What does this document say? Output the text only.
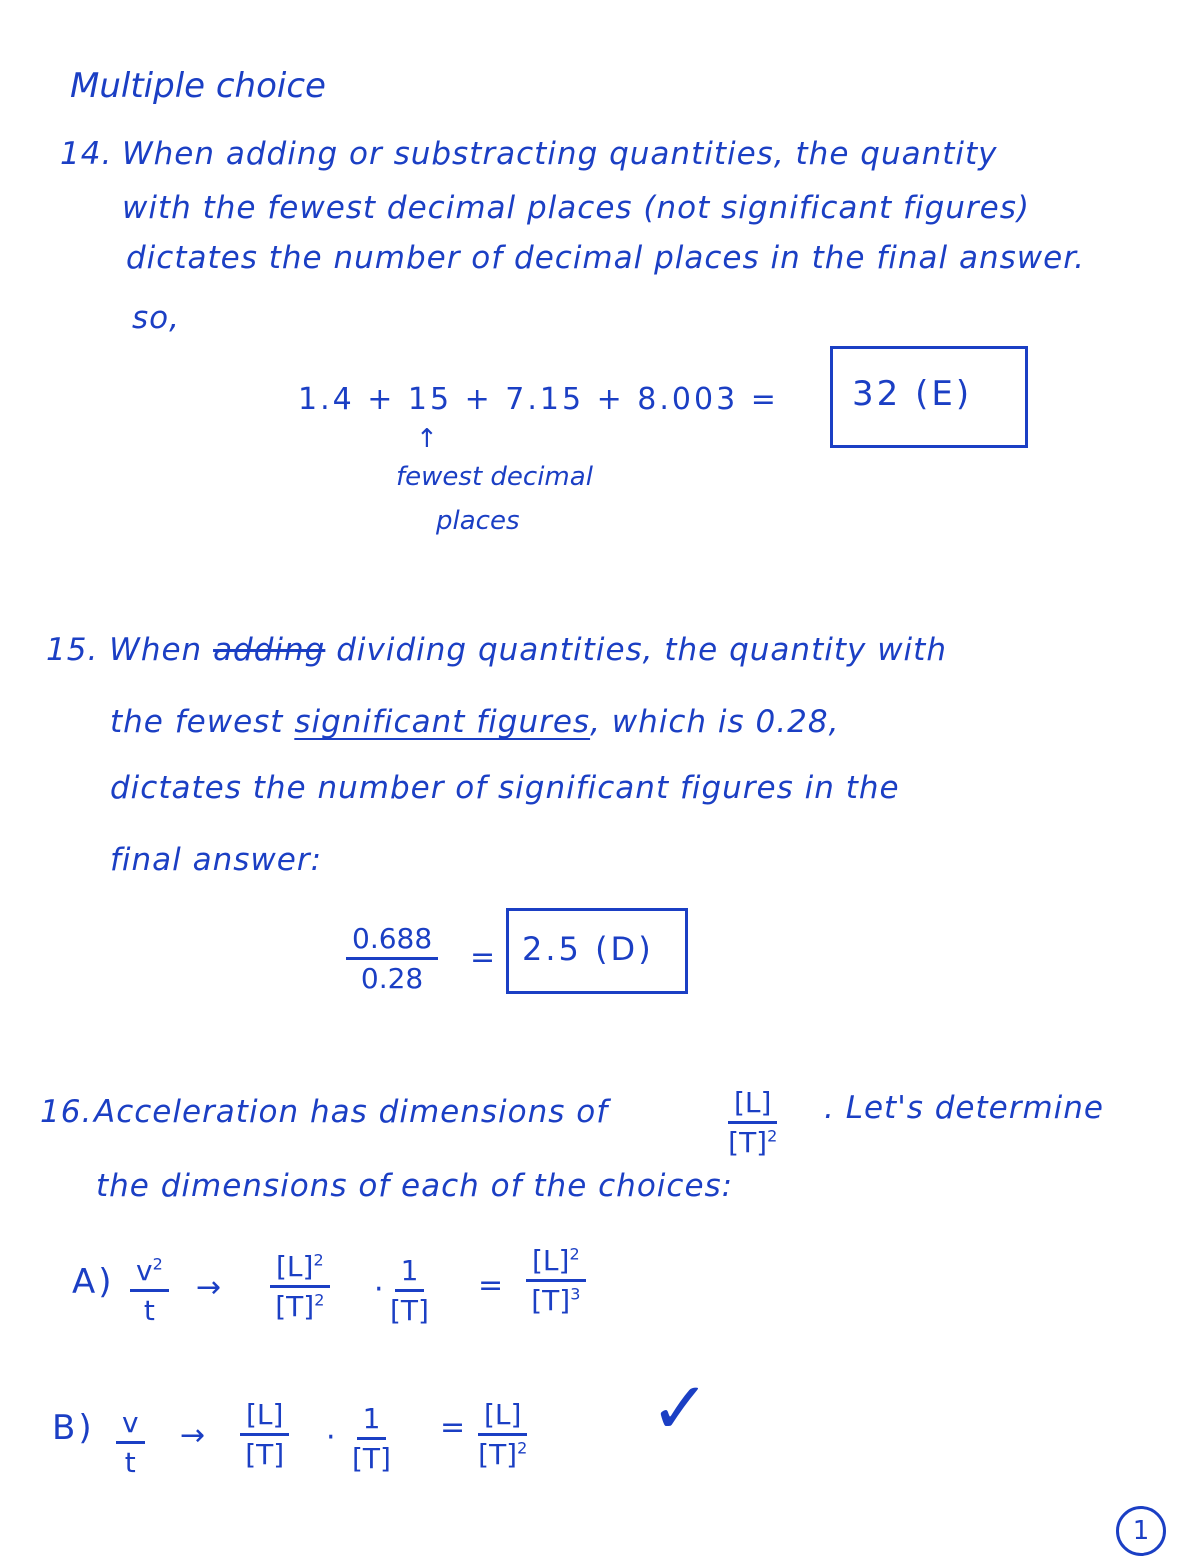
Multiple choice
14. When adding or substracting quantities, the quantity
with the fewest decimal places (not significant figures)
dictates the number of decimal places in the final answer.
so,
1.4 + 15 + 7.15 + 8.003 = 32 (E)
↑
fewest decimal
places
15. When adding dividing quantities, the quantity with
the fewest significant figures, which is 0.28,
dictates the number of significant figures in the
final answer:
$\frac{0.688}{0.28} = 2.5$ (D)
16. Acceleration has dimensions of	$\frac{[L]}{[T]^2}$ . Let's determine
the dimensions of each of the choices:
$A) \frac{v^2}{t} \to \frac{[L]^2}{[T]^2} \cdot \frac{1}{[T]} = \frac{[L]^2}{[T]^3}$
$B) \frac{v}{t} \to \frac{[L]}{[T]} \cdot \frac{1}{[T]} = \frac{[L]}{[T]^2}$ ✓
1
